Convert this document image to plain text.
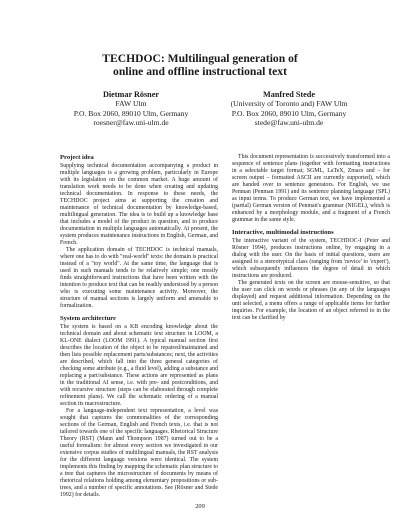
TECHDOC: Multilingual generation of
online and offline instructional text
Dietmar Rösner
FAW Ulm
P.O. Box 2060, 89010 Ulm, Germany
roesner@faw.uni-ulm.de
Manfred Stede
(University of Toronto and) FAW Ulm
P.O. Box 2060, 89010 Ulm, Germany
stede@faw.uni-ulm.de
Project idea

Supplying technical documentation accompanying a product in multiple languages is a growing problem, particularly in Europe with its legislation on the common market. A huge amount of translation work needs to be done when creating and updating technical documentation. In response to these needs, the TECHDOC project aims at supporting the creation and maintenance of technical documentation by knowledge-based, multilingual generation. The idea is to build up a knowledge base that includes a model of the product in question, and to produce documentation in multiple languages automatically. At present, the system produces maintenance instructions in English, German, and French.

The application domain of TECHDOC is technical manuals, where one has to do with "real-world" texts: the domain is practical instead of a "toy world". At the same time, the language that is used in such manuals tends to be relatively simple; one mostly finds straightforward instructions that have been written with the intention to produce text that can be readily understood by a person who is executing some maintenance activity. Moreover, the structure of manual sections is largely uniform and amenable to formalization.

System architecture

The system is based on a KB encoding knowledge about the technical domain and about schematic text structure in LOOM, a KL-ONE dialect (LOOM 1991). A typical manual section first describes the location of the object to be repaired/maintained and then lists possible replacement parts/substances; next, the activities are described, which fall into the three general categories of checking some attribute (e.g., a fluid level), adding a substance and replacing a part/substance. These actions are represented as plans in the traditional AI sense, i.e. with pre- and postconditions, and with recursive structure (steps can be elaborated through complete refinement plans). We call the schematic ordering of a manual section its macrostructure.

For a language-independent text representation, a level was sought that captures the commonalities of the corresponding sections of the German, English and French texts, i.e. that is not tailored towards one of the specific languages. Rhetorical Structure Theory (RST) (Mann and Thompson 1987) turned out to be a useful formalism: for almost every section we investigated in our extensive corpus studies of multilingual manuals, the RST analysis for the different language versions were identical. The system implements this finding by mapping the schematic plan structure to a tree that captures the microstructure of documents by means of rhetorical relations holding among elementary propositions or sub-trees, and a number of specific annotations. See (Rösner and Stede 1992) for details.

This document representation is successively transformed into a sequence of sentence plans (together with formatting instructions in a selectable target format; SGML, LaTeX, Zmacs and – for screen output – formatted ASCII are currently supported), which are handed over to sentence generators. For English, we use Penman (Penman 1991) and its sentence planning language (SPL) as input terms. To produce German text, we have implemented a (partial) German version of Penman's grammar (NIGEL), which is enhanced by a morphology module, and a fragment of a French grammar in the same style.

Interactive, multimodal instructions

The interactive variant of the system, TECHDOC-I (Peter and Rösner 1994), produces instructions online, by engaging in a dialog with the user. On the basis of initial questions, users are assigned to a stereotypical class (ranging from 'novice' to 'expert'), which subsequently influences the degree of detail in which instructions are produced.

The generated texts on the screen are mouse-sensitive, so that the user can click on words or phrases (in any of the languages displayed) and request additional information. Depending on the unit selected, a menu offers a range of applicable items for further inquiries. For example, the location of an object referred to in the text can be clarified by

209
